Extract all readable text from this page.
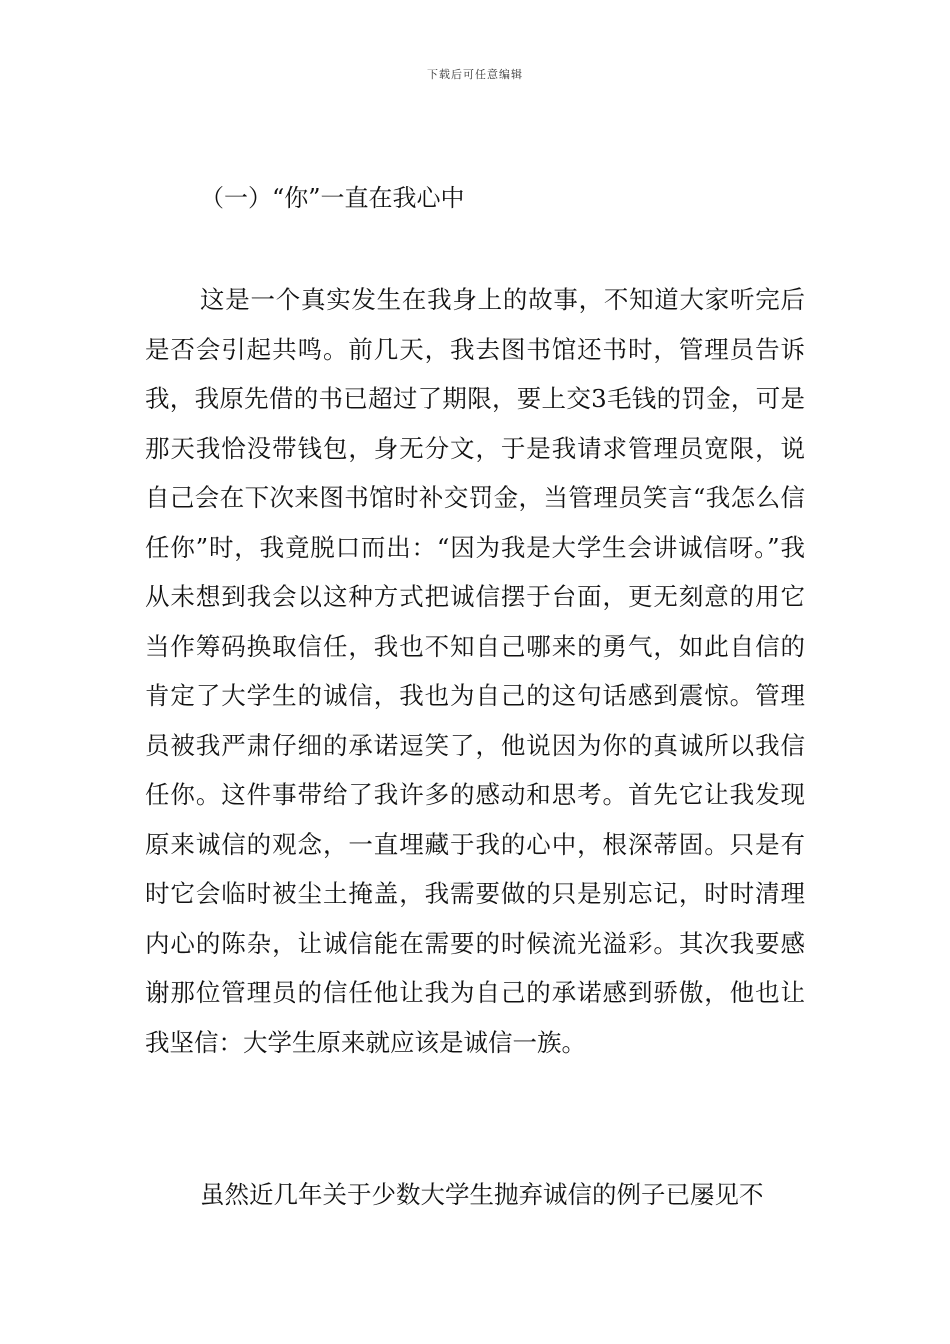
下载后可任意编辑
（一）“你”一直在我心中

这是一个真实发生在我身上的故事，不知道大家听完后是否会引起共鸣。前几天，我去图书馆还书时，管理员告诉我，我原先借的书已超过了期限，要上交3毛钱的罚金，可是那天我恰没带钱包，身无分文，于是我请求管理员宽限，说自己会在下次来图书馆时补交罚金，当管理员笑言“我怎么信任你”时，我竟脱口而出：“因为我是大学生会讲诚信呀。”我从未想到我会以这种方式把诚信摆于台面，更无刻意的用它当作筹码换取信任，我也不知自己哪来的勇气，如此自信的肯定了大学生的诚信，我也为自己的这句话感到震惊。管理员被我严肃仔细的承诺逗笑了，他说因为你的真诚所以我信任你。这件事带给了我许多的感动和思考。首先它让我发现原来诚信的观念，一直埋藏于我的心中，根深蒂固。只是有时它会临时被尘土掩盖，我需要做的只是别忘记，时时清理内心的陈杂，让诚信能在需要的时候流光溢彩。其次我要感谢那位管理员的信任他让我为自己的承诺感到骄傲，他也让我坚信：大学生原来就应该是诚信一族。

虽然近几年关于少数大学生抛弃诚信的例子已屡见不
